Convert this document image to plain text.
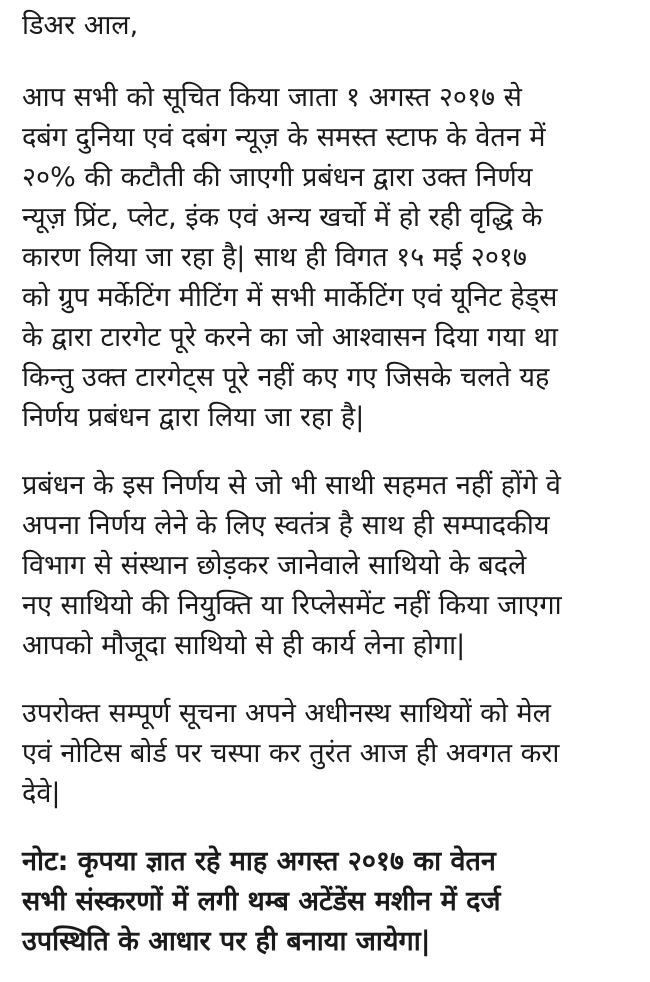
डिअर आल,

आप सभी को सूचित किया जाता १ अगस्त २०१७ से
दबंग दुनिया एवं दबंग न्यूज़ के समस्त स्टाफ के वेतन में
२०% की कटौती की जाएगी प्रबंधन द्वारा उक्त निर्णय
न्यूज़ प्रिंट, प्लेट, इंक एवं अन्य खर्चो में हो रही वृद्धि के
कारण लिया जा रहा है| साथ ही विगत १५ मई २०१७
को ग्रुप मर्केटिंग मीटिंग में सभी मार्केटिंग एवं यूनिट हेड्स
के द्वारा टारगेट पूरे करने का जो आश्वासन दिया गया था
किन्तु उक्त टारगेट्स पूरे नहीं कए गए जिसके चलते यह
निर्णय प्रबंधन द्वारा लिया जा रहा है|

प्रबंधन के इस निर्णय से जो भी साथी सहमत नहीं होंगे वे
अपना निर्णय लेने के लिए स्वतंत्र है साथ ही सम्पादकीय
विभाग से संस्थान छोड़कर जानेवाले साथियो के बदले
नए साथियो की नियुक्ति या रिप्लेसमेंट नहीं किया जाएगा
आपको मौजूदा साथियो से ही कार्य लेना होगा|

उपरोक्त सम्पूर्ण सूचना अपने अधीनस्थ साथियों को मेल
एवं नोटिस बोर्ड पर चस्पा कर तुरंत आज ही अवगत करा
देवे|

नोट: कृपया ज्ञात रहे माह अगस्त २०१७ का वेतन
सभी संस्करणों में लगी थम्ब अटेंडेंस मशीन में दर्ज
उपस्थिति के आधार पर ही बनाया जायेगा|
